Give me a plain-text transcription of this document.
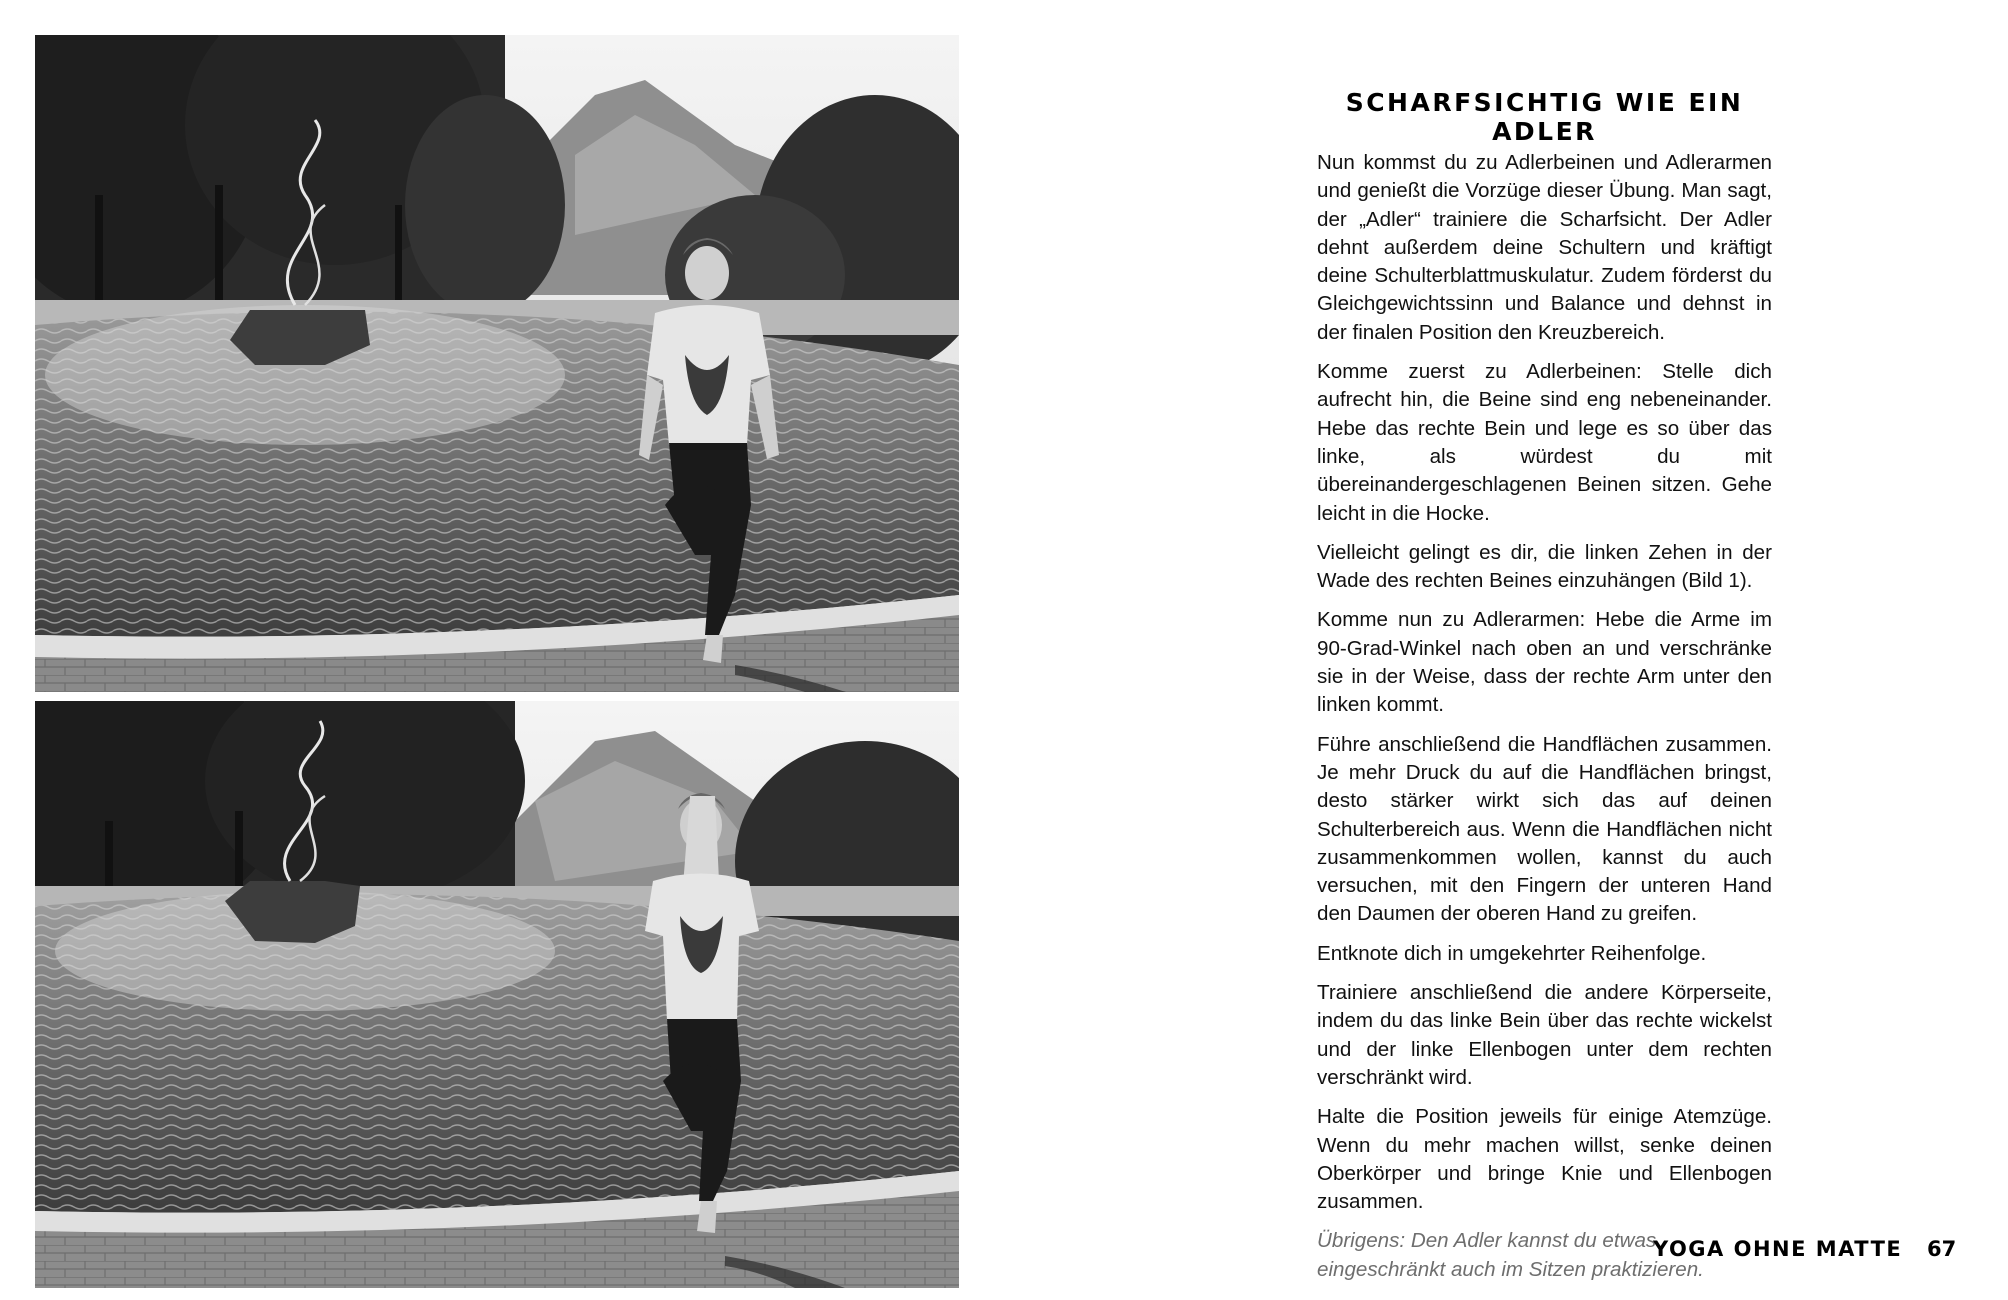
SCHARFSICHTIG WIE EIN ADLER

Nun kommst du zu Adlerbeinen und Adlerarmen und genießt die Vorzüge dieser Übung. Man sagt, der „Adler“ trainiere die Scharfsicht. Der Adler dehnt außerdem deine Schultern und kräftigt deine Schulterblattmuskulatur. Zudem förderst du Gleichgewichtssinn und Balance und dehnst in der finalen Position den Kreuzbereich.

Komme zuerst zu Adlerbeinen: Stelle dich aufrecht hin, die Beine sind eng nebeneinander. Hebe das rechte Bein und lege es so über das linke, als würdest du mit übereinandergeschlagenen Beinen sitzen. Gehe leicht in die Hocke.

Vielleicht gelingt es dir, die linken Zehen in der Wade des rechten Beines einzuhängen (Bild 1).

Komme nun zu Adlerarmen: Hebe die Arme im 90-Grad-Winkel nach oben an und verschränke sie in der Weise, dass der rechte Arm unter den linken kommt.

Führe anschließend die Handflächen zusammen. Je mehr Druck du auf die Handflächen bringst, desto stärker wirkt sich das auf deinen Schulterbereich aus. Wenn die Handflächen nicht zusammenkommen wollen, kannst du auch versuchen, mit den Fingern der unteren Hand den Daumen der oberen Hand zu greifen.

Entknote dich in umgekehrter Reihenfolge.

Trainiere anschließend die andere Körperseite, indem du das linke Bein über das rechte wickelst und der linke Ellenbogen unter dem rechten verschränkt wird.

Halte die Position jeweils für einige Atemzüge. Wenn du mehr machen willst, senke deinen Oberkörper und bringe Knie und Ellenbogen zusammen.

Übrigens: Den Adler kannst du etwas eingeschränkt auch im Sitzen praktizieren.

YOGA OHNE MATTE 67
